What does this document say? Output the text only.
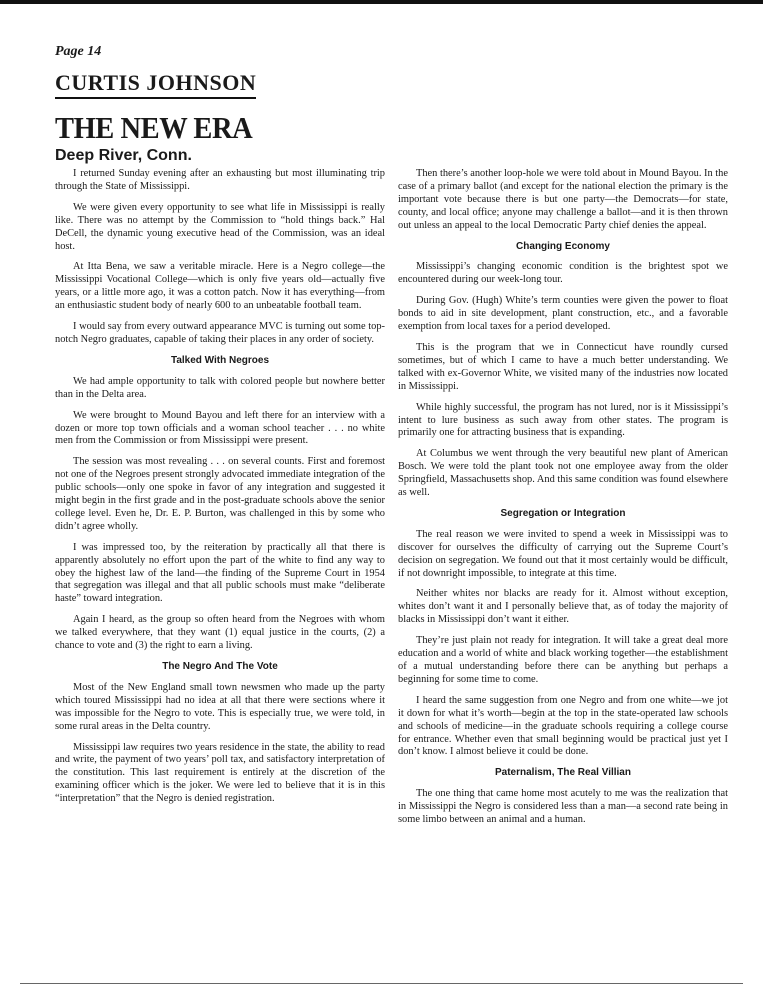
Page 14
CURTIS JOHNSON
THE NEW ERA
Deep River, Conn.

I returned Sunday evening after an exhausting but most illuminating trip through the State of Mississippi.

We were given every opportunity to see what life in Mississippi is really like. There was no attempt by the Commission to “hold things back.” Hal DeCell, the dynamic young executive head of the Commission, was an ideal host.

At Itta Bena, we saw a veritable miracle. Here is a Negro college—the Mississippi Vocational College—which is only five years old—actually five years, or a little more ago, it was a cotton patch. Now it has everything—from an enthusiastic student body of nearly 600 to an unbeatable football team.

I would say from every outward appearance MVC is turning out some top-notch Negro graduates, capable of taking their places in any order of society.

Talked With Negroes

We had ample opportunity to talk with colored people but nowhere better than in the Delta area.

We were brought to Mound Bayou and left there for an interview with a dozen or more top town officials and a woman school teacher . . . no white men from the Commission or from Mississippi were present.

The session was most revealing . . . on several counts. First and foremost not one of the Negroes present strongly advocated immediate integration of the public schools—only one spoke in favor of any integration and suggested it might begin in the first grade and in the post-graduate schools above the senior college level. Even he, Dr. E. P. Burton, was challenged in this by some who didn’t agree wholly.

I was impressed too, by the reiteration by practically all that there is apparently absolutely no effort upon the part of the white to find any way to obey the highest law of the land—the finding of the Supreme Court in 1954 that segregation was illegal and that all public schools must make “deliberate haste” toward integration.

Again I heard, as the group so often heard from the Negroes with whom we talked everywhere, that they want (1) equal justice in the courts, (2) a chance to vote and (3) the right to earn a living.

The Negro And The Vote

Most of the New England small town newsmen who made up the party which toured Mississippi had no idea at all that there were sections where it was impossible for the Negro to vote. This is especially true, we were told, in some rural areas in the Delta country.

Mississippi law requires two years residence in the state, the ability to read and write, the payment of two years’ poll tax, and satisfactory interpretation of the constitution. This last requirement is entirely at the discretion of the examining officer which is the joker. We were led to believe that it is in this “interpretation” that the Negro is denied registration.

Then there’s another loop-hole we were told about in Mound Bayou. In the case of a primary ballot (and except for the national election the primary is the important vote because there is but one party—the Democrats—for state, county, and local office; anyone may challenge a ballot—and it is then thrown out unless an appeal to the local Democratic Party chief denies the appeal.

Changing Economy

Mississippi’s changing economic condition is the brightest spot we encountered during our week-long tour.

During Gov. (Hugh) White’s term counties were given the power to float bonds to aid in site development, plant construction, etc., and a favorable exemption from local taxes for a period developed.

This is the program that we in Connecticut have roundly cursed sometimes, but of which I came to have a much better understanding. We talked with ex-Governor White, we visited many of the industries now located in Mississippi.

While highly successful, the program has not lured, nor is it Mississippi’s intent to lure business as such away from other states. The program is primarily one for attracting business that is expanding.

At Columbus we went through the very beautiful new plant of American Bosch. We were told the plant took not one employee away from the older Springfield, Massachusetts shop. And this same condition was found elsewhere as well.

Segregation or Integration

The real reason we were invited to spend a week in Mississippi was to discover for ourselves the difficulty of carrying out the Supreme Court’s decision on segregation. We found out that it most certainly would be difficult, if not downright impossible, to integrate at this time.

Neither whites nor blacks are ready for it. Almost without exception, whites don’t want it and I personally believe that, as of today the majority of blacks in Mississippi don’t want it either.

They’re just plain not ready for integration. It will take a great deal more education and a world of white and black working together—the establishment of a mutual understanding before there can be anything but perhaps a beginning for some time to come.

I heard the same suggestion from one Negro and from one white—we jot it down for what it’s worth—begin at the top in the state-operated law schools and schools of medicine—in the graduate schools requiring a college course for entrance. Whether even that small beginning would be practical just yet I don’t know. I almost believe it could be done.

Paternalism, The Real Villian

The one thing that came home most acutely to me was the realization that in Mississippi the Negro is considered less than a man—a second rate being in some limbo between an animal and a human.
